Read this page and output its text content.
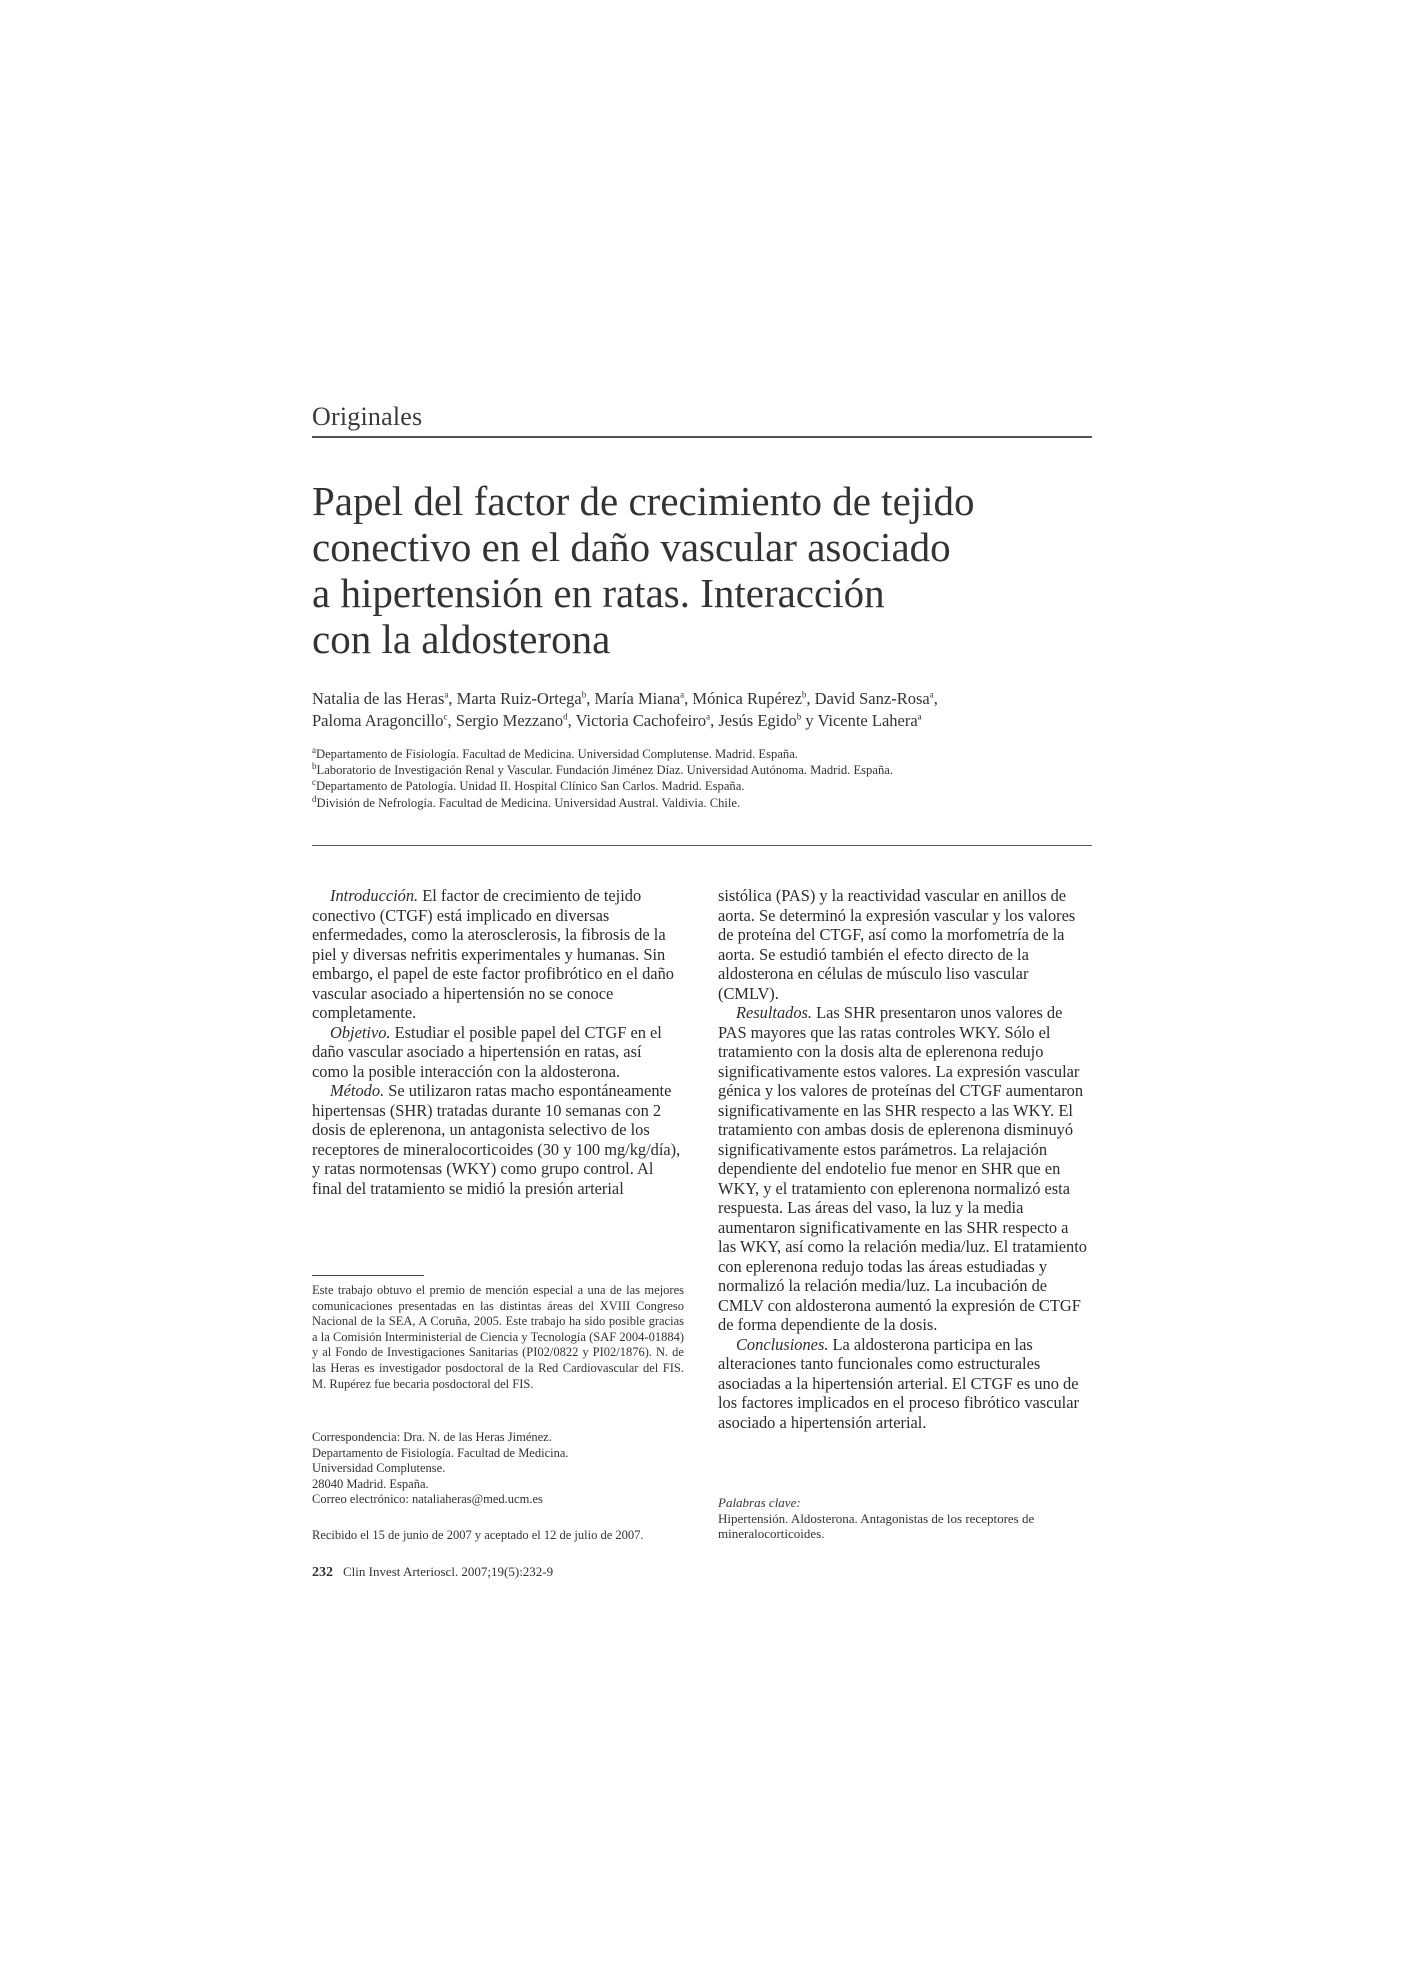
Originales
Papel del factor de crecimiento de tejido
conectivo en el daño vascular asociado
a hipertensión en ratas. Interacción
con la aldosterona
Natalia de las Heras$^a$, Marta Ruiz-Ortega$^b$, María Miana$^a$, Mónica Rupérez$^b$, David Sanz-Rosa$^a$,
Paloma Aragoncillo$^c$, Sergio Mezzano$^d$, Victoria Cachofeiro$^a$, Jesús Egido$^b$ y Vicente Lahera$^a$
$^a$Departamento de Fisiología. Facultad de Medicina. Universidad Complutense. Madrid. España.
$^b$Laboratorio de Investigación Renal y Vascular. Fundación Jiménez Díaz. Universidad Autónoma. Madrid. España.
$^c$Departamento de Patología. Unidad II. Hospital Clínico San Carlos. Madrid. España.
$^d$División de Nefrología. Facultad de Medicina. Universidad Austral. Valdivia. Chile.

Introducción. El factor de crecimiento de tejido conectivo (CTGF) está implicado en diversas enfermedades, como la aterosclerosis, la fibrosis de la piel y diversas nefritis experimentales y humanas. Sin embargo, el papel de este factor profibrótico en el daño vascular asociado a hipertensión no se conoce completamente.

Objetivo. Estudiar el posible papel del CTGF en el daño vascular asociado a hipertensión en ratas, así como la posible interacción con la aldosterona.

Método. Se utilizaron ratas macho espontáneamente hipertensas (SHR) tratadas durante 10 semanas con 2 dosis de eplerenona, un antagonista selectivo de los receptores de mineralocorticoides (30 y 100 mg/kg/día), y ratas normotensas (WKY) como grupo control. Al final del tratamiento se midió la presión arterial

sistólica (PAS) y la reactividad vascular en anillos de aorta. Se determinó la expresión vascular y los valores de proteína del CTGF, así como la morfometría de la aorta. Se estudió también el efecto directo de la aldosterona en células de músculo liso vascular (CMLV).

Resultados. Las SHR presentaron unos valores de PAS mayores que las ratas controles WKY. Sólo el tratamiento con la dosis alta de eplerenona redujo significativamente estos valores. La expresión vascular génica y los valores de proteínas del CTGF aumentaron significativamente en las SHR respecto a las WKY. El tratamiento con ambas dosis de eplerenona disminuyó significativamente estos parámetros. La relajación dependiente del endotelio fue menor en SHR que en WKY, y el tratamiento con eplerenona normalizó esta respuesta. Las áreas del vaso, la luz y la media aumentaron significativamente en las SHR respecto a las WKY, así como la relación media/luz. El tratamiento con eplerenona redujo todas las áreas estudiadas y normalizó la relación media/luz. La incubación de CMLV con aldosterona aumentó la expresión de CTGF de forma dependiente de la dosis.

Conclusiones. La aldosterona participa en las alteraciones tanto funcionales como estructurales asociadas a la hipertensión arterial. El CTGF es uno de los factores implicados en el proceso fibrótico vascular asociado a hipertensión arterial.

Este trabajo obtuvo el premio de mención especial a una de las mejores comunicaciones presentadas en las distintas áreas del XVIII Congreso Nacional de la SEA, A Coruña, 2005. Este trabajo ha sido posible gracias a la Comisión Interministerial de Ciencia y Tecnología (SAF 2004-01884) y al Fondo de Investigaciones Sanitarias (PI02/0822 y PI02/1876). N. de las Heras es investigador posdoctoral de la Red Cardiovascular del FIS. M. Rupérez fue becaria posdoctoral del FIS.
Correspondencia: Dra. N. de las Heras Jiménez.
Departamento de Fisiología. Facultad de Medicina.
Universidad Complutense.
28040 Madrid. España.
Correo electrónico: nataliaheras@med.ucm.es
Recibido el 15 de junio de 2007 y aceptado el 12 de julio de 2007.
Palabras clave:
Hipertensión. Aldosterona. Antagonistas de los receptores de mineralocorticoides.
232 Clin Invest Arterioscl. 2007;19(5):232-9
